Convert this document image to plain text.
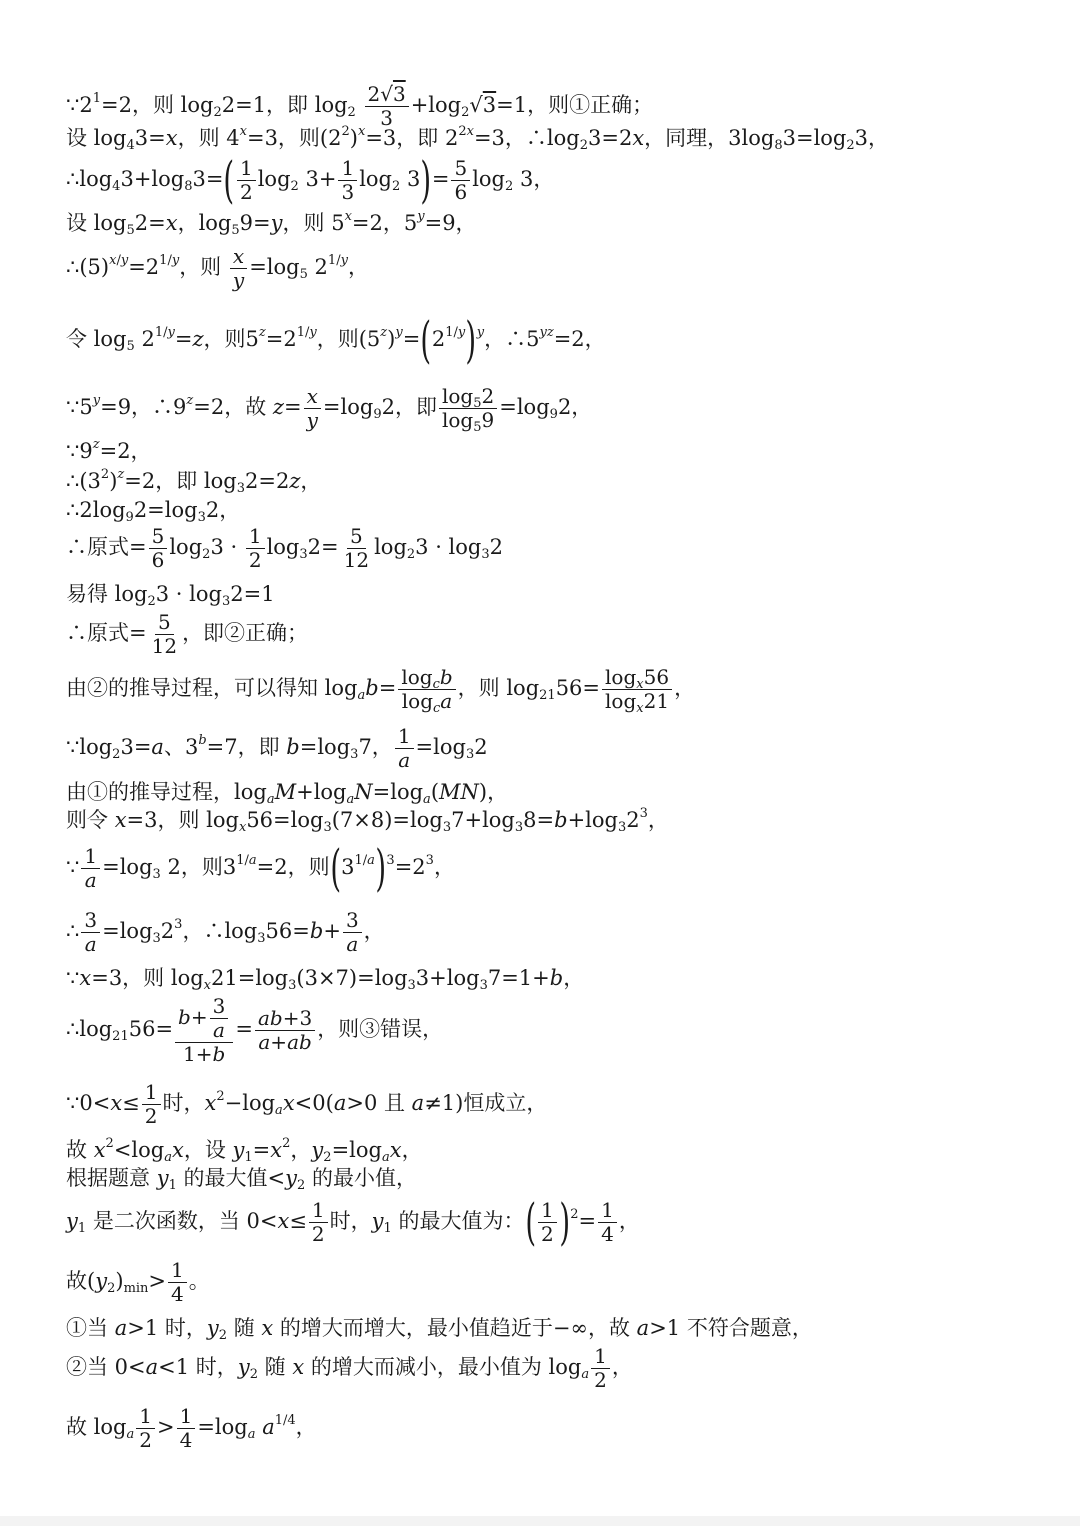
$\because 2^1=2$，则 $\log_22=1$，即 $\log_2 \frac{2√3}{3} +\log_2√3=1$，则①正确；
设 $\log_43=x$，则 $4^x=3$，则$(2^2)^x=3$，即 $2^{2x}=3$，$\therefore\log_23=2x$，同理，$3\log_83=\log_23$，
$\therefore\log_43+\log_83=( \frac{1}{2} \log_2 3+ \frac{1}{3} \log_2 3)= \frac{5}{6} \log_2 3$，
设 $\log_52=x$，$\log_59=y$，则 $5^x=2$，$5^y=9$，
$\therefore(5)^{x/y}=2^{1/y}$，则 $\frac{x}{y} =\log_5$ $2^{1/y}$，
令 $\log_5 2^{1/y}=z$，则$5^z=2^{1/y}$，则$(5^z)^y=(2^{1/y})^y$，$\therefore 5^{yz}=2$，
$\because 5^y=9$，$\therefore 9^z=2$，故 $z= \frac{x}{y} =\log_92$，即 $\frac{\log_52}{\log_59} =\log_92$，
$\because 9^z=2$，
$\therefore(3^2)^z=2$，即 $\log_32=2z$，
$\therefore 2\log_92=\log_32$，
∴原式= $\frac{5}{6} \log_23 \cdot \frac{1}{2} \log_32= \frac{5}{12} \log_23 \cdot \log_32$
易得 $\log_23 \cdot \log_32=1$
∴原式= $\frac{5}{12}$ ，即②正确；
由②的推导过程，可以得知 $\log_ab= \frac{\log_cb}{\log_ca}$ ，则 $\log_{21}56= \frac{\log_x56}{\log_x21}$ ，
$\because\log_23=a$、$3^b=7$，即 $b=\log_37$， $\frac{1}{a} =\log_32$
由①的推导过程，$\log_aM+\log_aN=\log_a(MN)$，
则令 x=3，则 $\log_x56=\log_3(7\times 8)=\log_37+\log_38=b+\log_32^3$，
∵ $\frac{1}{a} =\log_3$ 2，则$3^{1/a}=2$，则$(3^{1/a})^3=2^3$，
∴ $\frac{3}{a} =\log_32^3$，$\therefore\log_356=b+ \frac{3}{a}$ ，
∵x=3，则 $\log_x21=\log_3(3\times 7)=\log_33+\log_37=1+b$，
$\therefore\log_{21}56= \frac{b+ \frac{3}{a}}{1+b} = \frac{ab+3}{a+ab}$ ，则③错误，
∵0<x≤ $\frac{1}{2}$ 时，$x^2-\log_ax<0(a>0$ 且 a≠1)恒成立，
故 $x^2<\log_ax$，设 $y_1=x^2$，$y_2=\log_ax$，
根据题意 $y_1$ 的最大值$<y_2$ 的最小值，
$y_1$ 是二次函数，当 $0<x\le \frac{1}{2}$ 时，$y_1$ 的最大值为：( $\frac{1}{2} )^2= \frac{1}{4}$ ，
故$(y_2)_{min}> \frac{1}{4}$ 。
①当 a>1 时，$y_2$ 随 x 的增大而增大，最小值趋近于−∞，故 a>1 不符合题意，
②当 0<a<1 时，$y_2$ 随 x 的增大而减小，最小值为 $\log_a \frac{1}{2}$ ，
故 $\log_a \frac{1}{2} > \frac{1}{4} =\log_a$ $a^{1/4}$，
